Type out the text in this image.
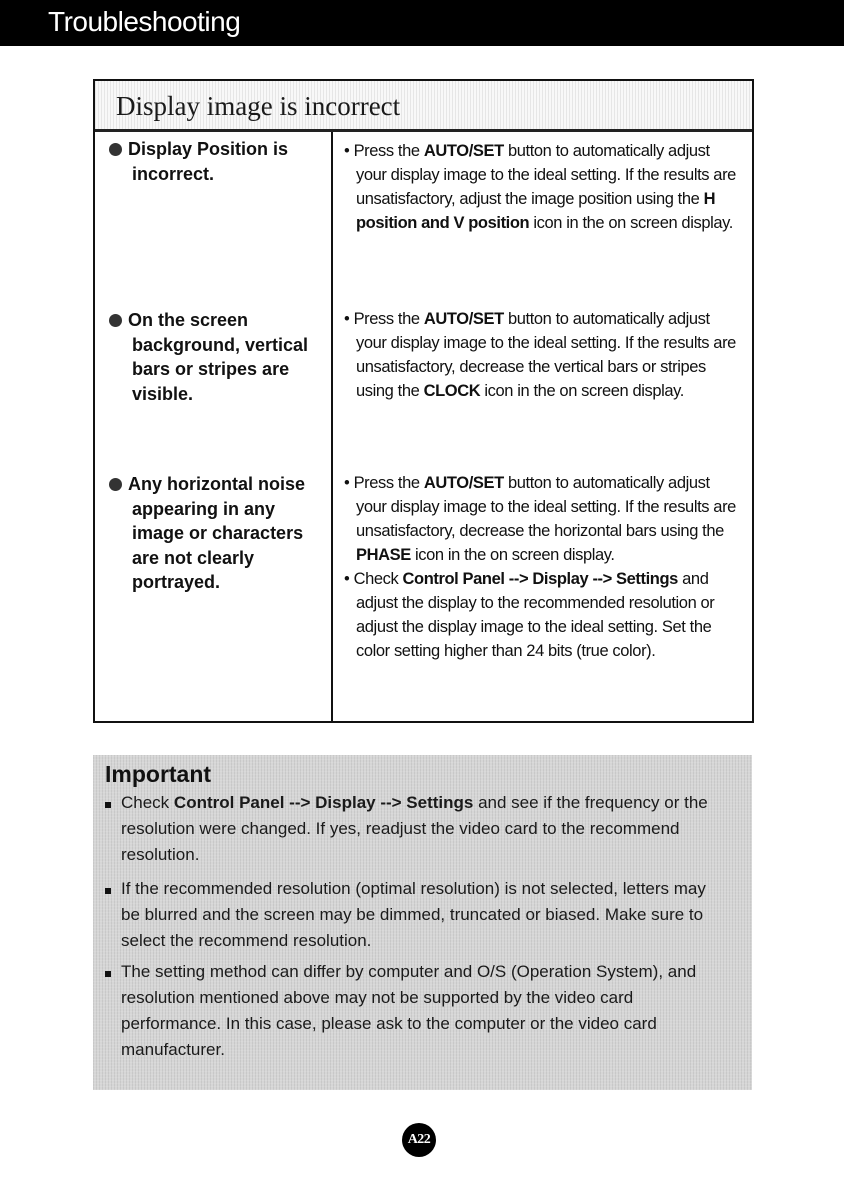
Troubleshooting
Display image is incorrect
Display Position is incorrect.
• Press the AUTO/SET button to automatically adjust your display image to the ideal setting. If the results are unsatisfactory, adjust the image position using the H position and V position icon in the on screen display.
On the screen background, vertical bars or stripes are visible.
• Press the AUTO/SET button to automatically adjust your display image to the ideal setting. If the results are unsatisfactory, decrease the vertical bars or stripes using the CLOCK icon in the on screen display.
Any horizontal noise appearing in any image or characters are not clearly portrayed.
• Press the AUTO/SET button to automatically adjust your display image to the ideal setting. If the results are unsatisfactory, decrease the horizontal bars using the PHASE icon in the on screen display.
• Check Control Panel --> Display --> Settings and adjust the display to the recommended resolution or adjust the display image to the ideal setting. Set the color setting higher than 24 bits (true color).
Important
Check Control Panel --> Display --> Settings and see if the frequency or the resolution were changed. If yes, readjust the video card to the recommend resolution.
If the recommended resolution (optimal resolution) is not selected, letters may be blurred and the screen may be dimmed, truncated or biased. Make sure to select the recommend resolution.
The setting method can differ by computer and O/S (Operation System), and resolution mentioned above may not be supported by the video card performance. In this case, please ask to the computer or the video card manufacturer.
A22
